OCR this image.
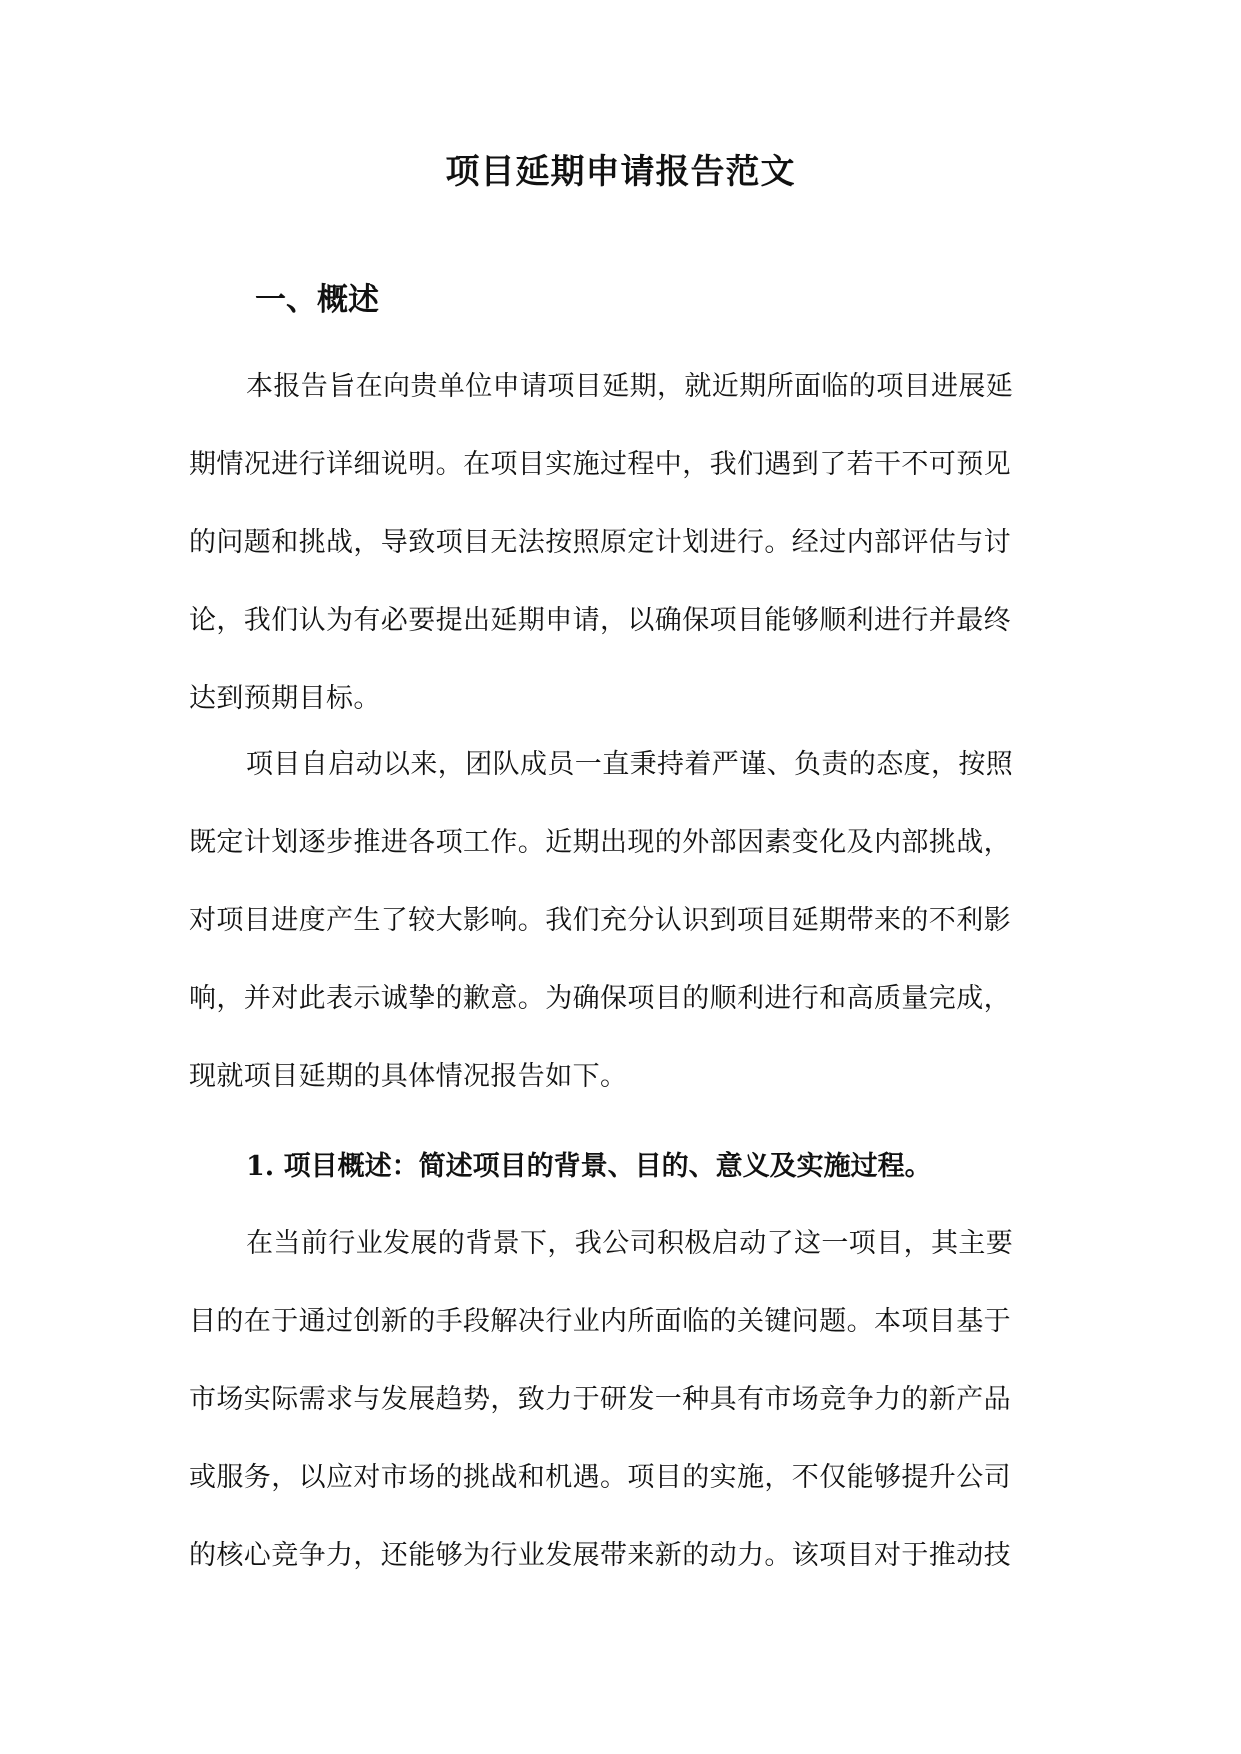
项目延期申请报告范文
一、概述

本报告旨在向贵单位申请项目延期，就近期所面临的项目进展延
期情况进行详细说明。在项目实施过程中，我们遇到了若干不可预见
的问题和挑战，导致项目无法按照原定计划进行。经过内部评估与讨
论，我们认为有必要提出延期申请，以确保项目能够顺利进行并最终
达到预期目标。

项目自启动以来，团队成员一直秉持着严谨、负责的态度，按照
既定计划逐步推进各项工作。近期出现的外部因素变化及内部挑战，
对项目进度产生了较大影响。我们充分认识到项目延期带来的不利影
响，并对此表示诚挚的歉意。为确保项目的顺利进行和高质量完成，
现就项目延期的具体情况报告如下。

1. 项目概述：简述项目的背景、目的、意义及实施过程。

在当前行业发展的背景下，我公司积极启动了这一项目，其主要
目的在于通过创新的手段解决行业内所面临的关键问题。本项目基于
市场实际需求与发展趋势，致力于研发一种具有市场竞争力的新产品
或服务，以应对市场的挑战和机遇。项目的实施，不仅能够提升公司
的核心竞争力，还能够为行业发展带来新的动力。该项目对于推动技
